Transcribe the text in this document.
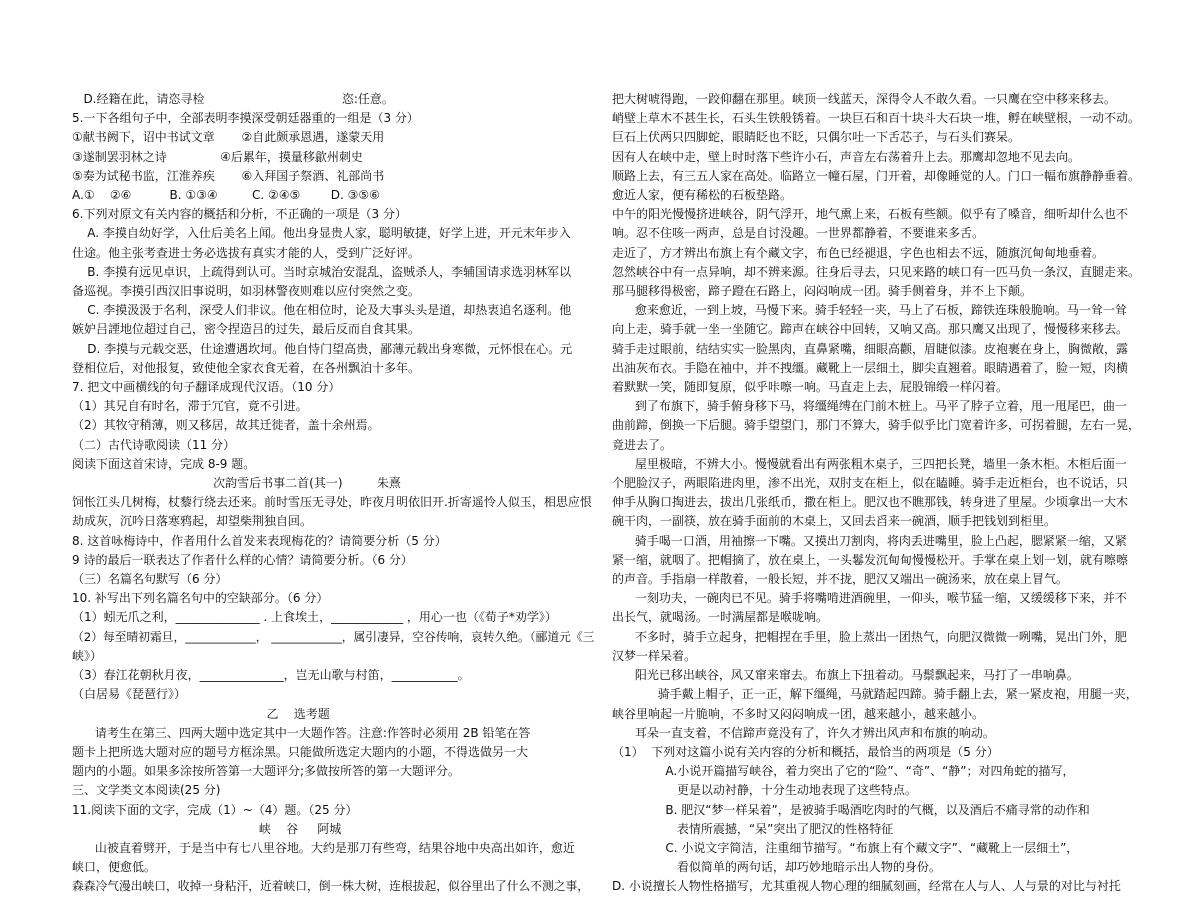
D.经籍在此，请恣寻检                                    恣:任意。
5.一下各组句子中，全部表明李摸深受朝廷器重的一组是（3 分）
①献书阙下，诏中书试文章       ②自此颇承恩遇，遂蒙天用
③遂制罢羽林之诗              ④后累年，摸量移歙州刺史
⑤奏为试秘书监，江淮养疾       ⑥入拜国子祭酒、礼部尚书
A.①    ②⑥          B. ①③④         C. ②④⑤        D. ③⑤⑥
6.下列对原文有关内容的概括和分析，不正确的一项是（3 分）
A. 李摸自幼好学，入仕后美名上闻。他出身显贵人家，聪明敏捷，好学上进，开元末年步入
仕途。他主张考查进士务必选拔有真实才能的人，受到广泛好评。
B. 李摸有远见卓识，上疏得到认可。当时京城治安混乱，盗贼杀人，李辅国请求选羽林军以
备巡视。李摸引西汉旧事说明，如羽林警夜则难以应付突然之变。
C. 李摸汲汲于名利，深受人们非议。他在相位时，论及大事头头是道，却热衷追名逐利。他
嫉妒吕諲地位超过自己，密令捏造吕的过失，最后反而自食其果。
D. 李摸与元载交恶，仕途遭遇坎坷。他自恃门望高贵，鄙薄元载出身寒微，元怀恨在心。元
登相位后，对他报复，致使他全家衣食无着，在各州飘泊十多年。
7. 把文中画横线的句子翻译成现代汉语。（10 分）
（1）其兄自有时名，滞于冗官，竟不引进。
（2）其牧守稍薄，则又移居，故其迁徙者，盖十余州焉。
（二）古代诗歌阅读（11 分）
阅读下面这首宋诗，完成 8-9 题。
次韵雪后书事二首(其一)         朱熹
饲怅江头几树梅，杖藜行绕去还来。前时雪压无寻处，昨夜月明依旧开.折寄遥怜人似玉，相思应恨
劫成灰，沉吟日落寒鸦起，却望柴荆独自回。
8. 这首咏梅诗中，作者用什么首发来表现梅花的？请简要分析（5 分）
9 诗的最后一联表达了作者什么样的心情？请简要分析。（6 分）
（三）名篇名句默写（6 分）
10. 补写出下列名篇名句中的空缺部分。（6 分）
（1）蚓无爪之利，______________ . 上食埃土，____________ ，用心一也（《荀子*劝学》）
（2）每至晴初霜旦，____________， ____________，属引凄异，空谷传响，哀转久绝。（郦道元《三
峡》）
（3）春江花朝秋月夜，______________，岂无山歌与村笛，___________。
（白居易《琵琶行》）
乙    选考题
请考生在第三、四两大题中选定其中一大题作答。注意:作答时必须用 2B 铅笔在答
题卡上把所选大题对应的题号方框涂黑。只能做所选定大题内的小题，不得选做另一大
题内的小题。如果多涂按所答第一大题评分;多做按所答的第一大题评分。
三、文学类文本阅读(25 分)
11.阅读下面的文字，完成（1）~（4）题。（25 分）
峡    谷     阿城
山被直着劈开，于是当中有七八里谷地。大约是那刀有些弯，结果谷地中央高出如许，愈近
峡口，便愈低。
森森冷气漫出峡口，收掉一身粘汗，近着峡口，倒一株大树，连根拔起，似谷里出了什么不测之事，
把大树唬得跑，一跤仰翻在那里。峡顶一线蓝天，深得令人不敢久看。一只鹰在空中移来移去。
峭壁上草木不甚生长，石头生铁般锈着。一块巨石和百十块斗大石块一堆，孵在峡壁根，一动不动。
巨石上伏两只四脚蛇，眼睛眨也不眨，只偶尔吐一下舌芯子，与石头们赛呆。
因有人在峡中走，壁上时时落下些许小石，声音左右荡着升上去。那鹰却忽地不见去向。
顺路上去，有三五人家在高处。临路立一幢石屋，门开着，却像睡觉的人。门口一幅布旗静静垂着。
愈近人家，便有稀松的石板垫路。
中午的阳光慢慢挤进峡谷，阴气浮开，地气熏上来，石板有些额。似乎有了嗓音，细听却什么也不
响。忍不住咳一两声，总是自讨没趣。一世界都静着，不要谁来多舌。
走近了，方才辨出布旗上有个藏文字，布色已经褪退，字色也相去不远，随旗沉甸甸地垂着。
忽然峡谷中有一点异响，却不辨来源。往身后寻去，只见来路的峡口有一匹马负一条汉，直腿走来。
那马腿移得极密，蹄子蹬在石路上，闷闷响成一团。骑手侧着身，并不上下颠。
愈来愈近，一到上坡，马慢下来。骑手轻轻一夹，马上了石板，蹄铁连珠般脆响。马一耸一耸
向上走，骑手就一坐一坐随它。蹄声在峡谷中回转，又响又高。那只鹰又出现了，慢慢移来移去。
骑手走过眼前，结结实实一脸黑肉，直鼻紧嘴，细眼高颧，眉睫似漆。皮袍裹在身上，胸微敞，露
出油灰布衣。手隐在袖中，并不拽缰。藏靴上一层细土，脚尖直翘着。眼睛遇着了，脸一短，肉横
着默默一笑，随即复原，似乎咔嚓一响。马直走上去，屁股锦缎一样闪着。
到了布旗下，骑手俯身移下马，将缰绳缚在门前木桩上。马平了脖子立着，甩一甩尾巴，曲一
曲前蹄，倒换一下后腿。骑手望望门，那门不算大，骑手似乎比门宽着许多，可拐着腿，左右一晃，
竟进去了。
屋里极暗，不辨大小。慢慢就看出有两张粗木桌子，三四把长凳，墙里一条木柜。木柜后面一
个肥脸汉子，两眼陷进肉里，渗不出光，双肘支在柜上，似在瞌睡。骑手走近柜台，也不说话，只
伸手从胸口掏进去，拔出几张纸币，撒在柜上。肥汉也不瞧那钱，转身进了里屋。少顷拿出一大木
碗干肉，一副筷，放在骑手面前的木桌上，又回去舀来一碗酒，顺手把钱划到柜里。
骑手喝一口酒，用袖擦一下嘴。又摸出刀割肉，将肉丢进嘴里，脸上凸起，腮紧紧一缩，又紧
紧一缩，就咽了。把帽摘了，放在桌上，一头鬈发沉甸甸慢慢松开。手掌在桌上划一划，就有嚓嚓
的声音。手指扇一样散着，一般长短，并不拢，肥汉又端出一碗汤来，放在桌上冒气。
一刻功夫，一碗肉已不见。骑手将嘴啃进酒碗里，一仰头，喉节猛一缩，又缓缓移下来，并不
出长气，就喝汤。一时满屋都是喉咙响。
不多时，骑手立起身，把帽捏在手里，脸上蒸出一团热气，向肥汉微微一咧嘴，晃出门外，肥
汉梦一样呆着。
阳光已移出峡谷，风又窜来窜去。布旗上下扭着动。马鬃飘起来，马打了一串响鼻。
骑手戴上帽子，正一正，解下缰绳，马就踏起四蹄。骑手翻上去，紧一紧皮袍，用腿一夹，
峡谷里响起一片脆响，不多时又闷闷响成一团，越来越小，越来越小。
耳朵一直支着，不信蹄声竟没有了，许久才辨出风声和布旗的响动。
（1）  下列对这篇小说有关内容的分析和概括，最恰当的两项是（5 分）
A.小说开篇描写峡谷，着力突出了它的“险”、“奇”、“静”；对四角蛇的描写，
更是以动衬静，十分生动地表现了这些特点。
B. 肥汉“梦一样呆着”，是被骑手喝酒吃肉时的气概，以及酒后不痛寻常的动作和
表情所震撼，“呆”突出了肥汉的性格特征
C. 小说文字简洁，注重细节描写。“布旗上有个藏文字”、“藏靴上一层细土”，
看似简单的两句话，却巧妙地暗示出人物的身份。
D. 小说擅长人物性格描写，尤其重视人物心理的细腻刻画，经常在人与人、人与景的对比与衬托
